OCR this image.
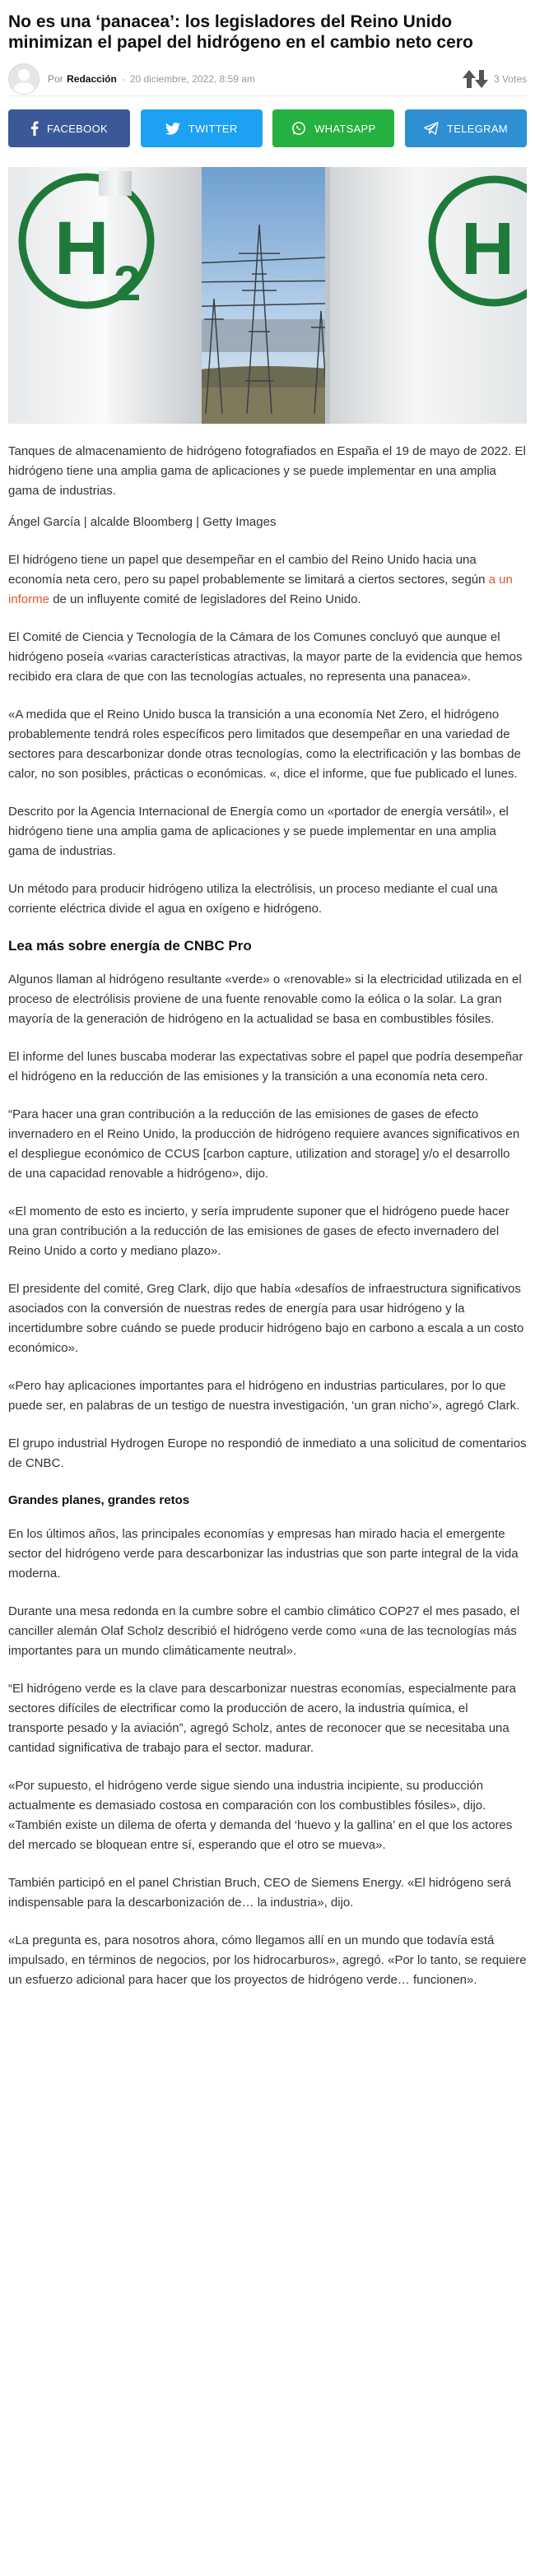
No es una ‘panacea’: los legisladores del Reino Unido minimizan el papel del hidrógeno en el cambio neto cero
Por
Redacción - 20 diciembre, 2022, 8:59 am	3 Votes
FACEBOOK	TWITTER	WHATSAPP	TELEGRAM
H 2	H

Tanques de almacenamiento de hidrógeno fotografiados en España el 19 de mayo de 2022. El hidrógeno tiene una amplia gama de aplicaciones y se puede implementar en una amplia gama de industrias.

Ángel García | alcalde Bloomberg | Getty Images

El hidrógeno tiene un papel que desempeñar en el cambio del Reino Unido hacia una economía neta cero, pero su papel probablemente se limitará a ciertos sectores, según a un informe de un influyente comité de legisladores del Reino Unido.

El Comité de Ciencia y Tecnología de la Cámara de los Comunes concluyó que aunque el hidrógeno poseía «varias características atractivas, la mayor parte de la evidencia que hemos recibido era clara de que con las tecnologías actuales, no representa una panacea».

«A medida que el Reino Unido busca la transición a una economía Net Zero, el hidrógeno probablemente tendrá roles específicos pero limitados que desempeñar en una variedad de sectores para descarbonizar donde otras tecnologías, como la electrificación y las bombas de calor, no son posibles, prácticas o económicas. «, dice el informe, que fue publicado el lunes.

Descrito por la Agencia Internacional de Energía como un «portador de energía versátil», el hidrógeno tiene una amplia gama de aplicaciones y se puede implementar en una amplia gama de industrias.

Un método para producir hidrógeno utiliza la electrólisis, un proceso mediante el cual una corriente eléctrica divide el agua en oxígeno e hidrógeno.

Lea más sobre energía de CNBC Pro

Algunos llaman al hidrógeno resultante «verde» o «renovable» si la electricidad utilizada en el proceso de electrólisis proviene de una fuente renovable como la eólica o la solar. La gran mayoría de la generación de hidrógeno en la actualidad se basa en combustibles fósiles.

El informe del lunes buscaba moderar las expectativas sobre el papel que podría desempeñar el hidrógeno en la reducción de las emisiones y la transición a una economía neta cero.

“Para hacer una gran contribución a la reducción de las emisiones de gases de efecto invernadero en el Reino Unido, la producción de hidrógeno requiere avances significativos en el despliegue económico de CCUS [carbon capture, utilization and storage] y/o el desarrollo de una capacidad renovable a hidrógeno», dijo.

«El momento de esto es incierto, y sería imprudente suponer que el hidrógeno puede hacer una gran contribución a la reducción de las emisiones de gases de efecto invernadero del Reino Unido a corto y mediano plazo».

El presidente del comité, Greg Clark, dijo que había «desafíos de infraestructura significativos asociados con la conversión de nuestras redes de energía para usar hidrógeno y la incertidumbre sobre cuándo se puede producir hidrógeno bajo en carbono a escala a un costo económico».

«Pero hay aplicaciones importantes para el hidrógeno en industrias particulares, por lo que puede ser, en palabras de un testigo de nuestra investigación, ‘un gran nicho’», agregó Clark.

El grupo industrial Hydrogen Europe no respondió de inmediato a una solicitud de comentarios de CNBC.

Grandes planes, grandes retos

En los últimos años, las principales economías y empresas han mirado hacia el emergente sector del hidrógeno verde para descarbonizar las industrias que son parte integral de la vida moderna.

Durante una mesa redonda en la cumbre sobre el cambio climático COP27 el mes pasado, el canciller alemán Olaf Scholz describió el hidrógeno verde como «una de las tecnologías más importantes para un mundo climáticamente neutral».

“El hidrógeno verde es la clave para descarbonizar nuestras economías, especialmente para sectores difíciles de electrificar como la producción de acero, la industria química, el transporte pesado y la aviación”, agregó Scholz, antes de reconocer que se necesitaba una cantidad significativa de trabajo para el sector. madurar.

«Por supuesto, el hidrógeno verde sigue siendo una industria incipiente, su producción actualmente es demasiado costosa en comparación con los combustibles fósiles», dijo. «También existe un dilema de oferta y demanda del ‘huevo y la gallina’ en el que los actores del mercado se bloquean entre sí, esperando que el otro se mueva».

También participó en el panel Christian Bruch, CEO de Siemens Energy. «El hidrógeno será indispensable para la descarbonización de… la industria», dijo.

«La pregunta es, para nosotros ahora, cómo llegamos allí en un mundo que todavía está impulsado, en términos de negocios, por los hidrocarburos», agregó. «Por lo tanto, se requiere un esfuerzo adicional para hacer que los proyectos de hidrógeno verde… funcionen».
